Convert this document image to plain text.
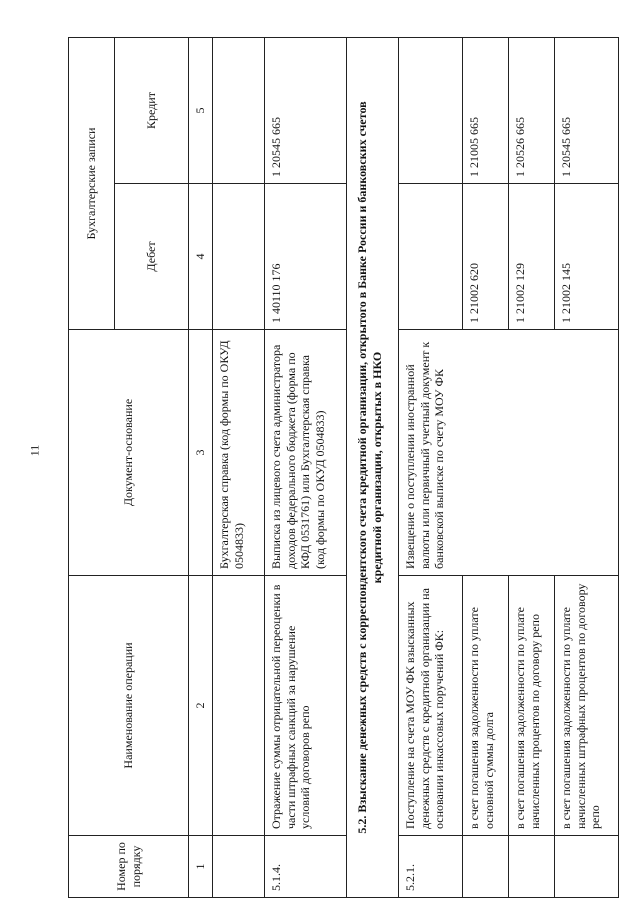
11
Номер по порядку	Наименование операции	Документ-основание	Бухгалтерские записи	
			Дебет	Кредит
1	2	3	4	5
		Бухгалтерская справка (код формы по ОКУД 0504833)		
5.1.4.	Отражение суммы отрицательной переоценки в части штрафных санкций за нарушение условий договоров репо	Выписка из лицевого счета администратора доходов федерального бюджета (форма по КФД 0531761) или Бухгалтерская справка (код формы по ОКУД 0504833)	1 40110 176	1 20545 665
5.2. Взыскание денежных средств с корреспондентского счета кредитной организации, открытого в Банке России и банковских счетов кредитной организации, открытых в НКО				
5.2.1.	Поступление на счета МОУ ФК взысканных денежных средств с кредитной организации на основании инкассовых поручений ФК:	Извещение о поступлении иностранной валюты или первичный учетный документ к банковской выписке по счету МОУ ФК		
	в счет погашения задолженности по уплате основной суммы долга		1 21002 620	1 21005 665
	в счет погашения задолженности по уплате начисленных процентов по договору репо		1 21002 129	1 20526 665
	в счет погашения задолженности по уплате начисленных штрафных процентов по договору репо		1 21002 145	1 20545 665
